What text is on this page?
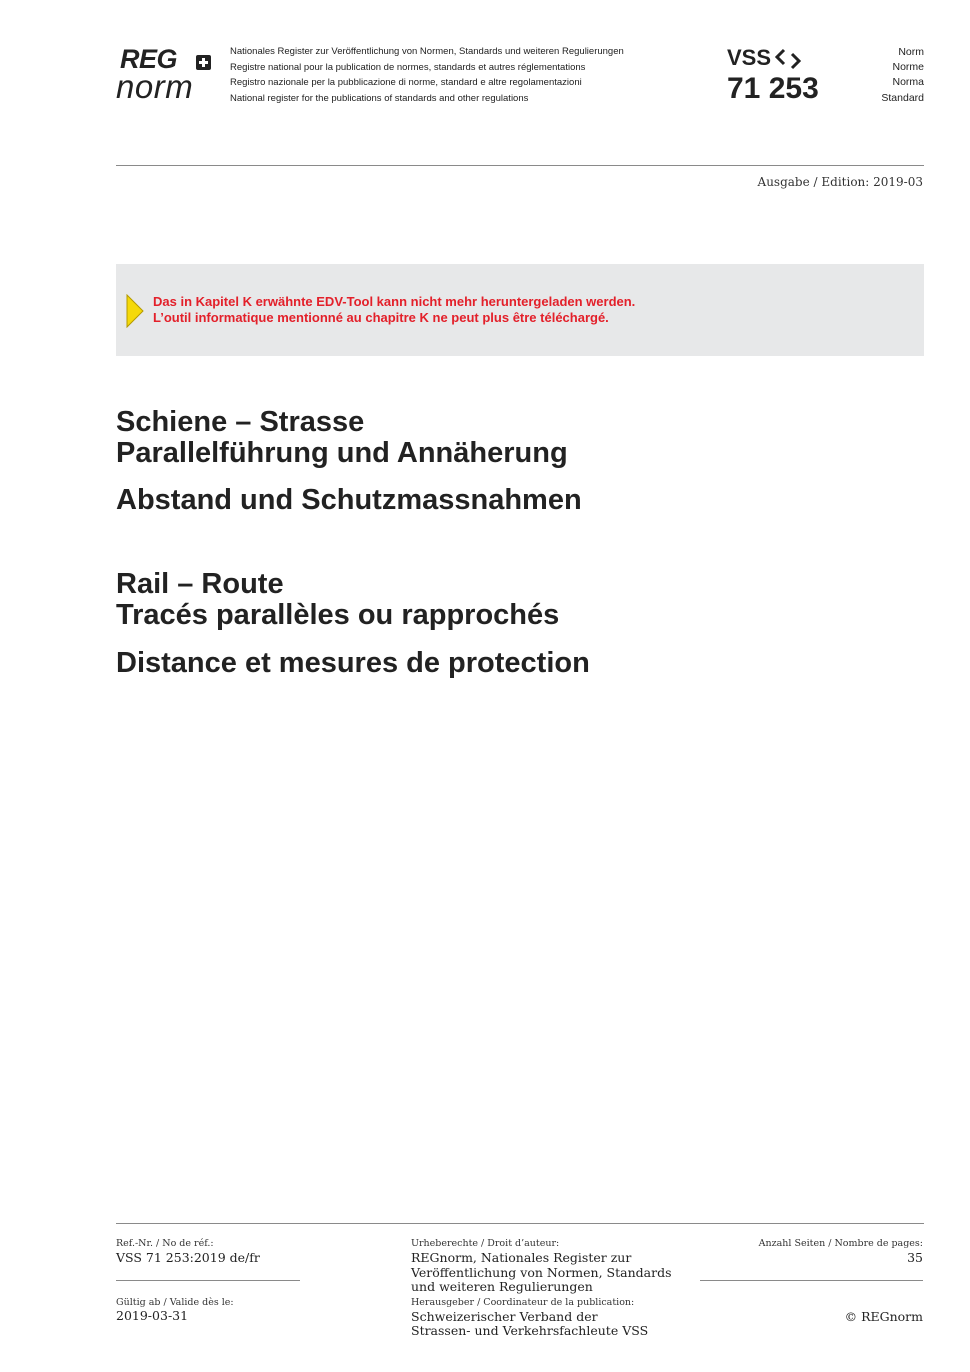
REG
norm
Nationales Register zur Veröffentlichung von Normen, Standards und weiteren Regulierungen
Registre national pour la publication de normes, standards et autres réglementations
Registro nazionale per la pubblicazione di norme, standard e altre regolamentazioni
National register for the publications of standards and other regulations
VSS
71 253
Norm
Norme
Norma
Standard
Ausgabe / Edition: 2019-03
Das in Kapitel K erwähnte EDV-Tool kann nicht mehr heruntergeladen werden.
L’outil informatique mentionné au chapitre K ne peut plus être téléchargé.
Schiene – Strasse
Parallelführung und Annäherung
Abstand und Schutzmassnahmen
Rail – Route
Tracés parallèles ou rapprochés
Distance et mesures de protection
Ref.-Nr. / No de réf.:
VSS 71 253:2019 de/fr
Gültig ab / Valide dès le:
2019-03-31
Urheberechte / Droit d’auteur:
REGnorm, Nationales Register zur
Veröffentlichung von Normen, Standards
und weiteren Regulierungen
Herausgeber / Coordinateur de la publication:
Schweizerischer Verband der
Strassen- und Verkehrsfachleute VSS
Anzahl Seiten / Nombre de pages:
35
© REGnorm
